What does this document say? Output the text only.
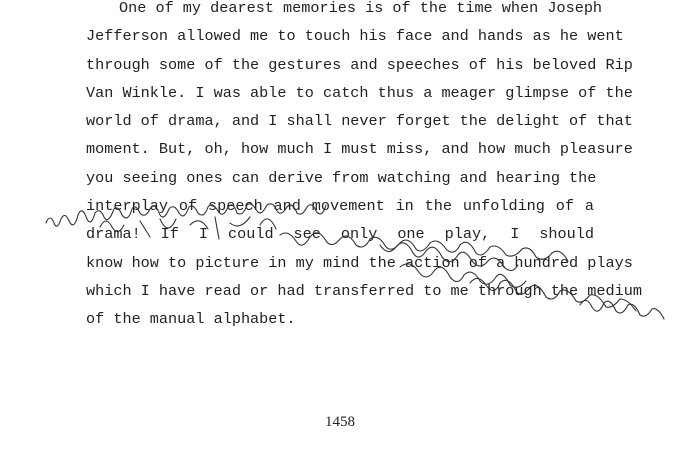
One of my dearest memories is of the time when Joseph
Jefferson allowed me to touch his face and hands as he went
through some of the gestures and speeches of his beloved Rip
Van Winkle. I was able to catch thus a meager glimpse of the
world of drama, and I shall never forget the delight of that
moment. But, oh, how much I must miss, and how much pleasure
you seeing ones can derive from watching and hearing the
interplay of speech and movement in the unfolding of a
drama! If I could see only one play, I should
know how to picture in my mind the action of a hundred plays
which I have read or had transferred to me through the medium
of the manual alphabet.
1458
